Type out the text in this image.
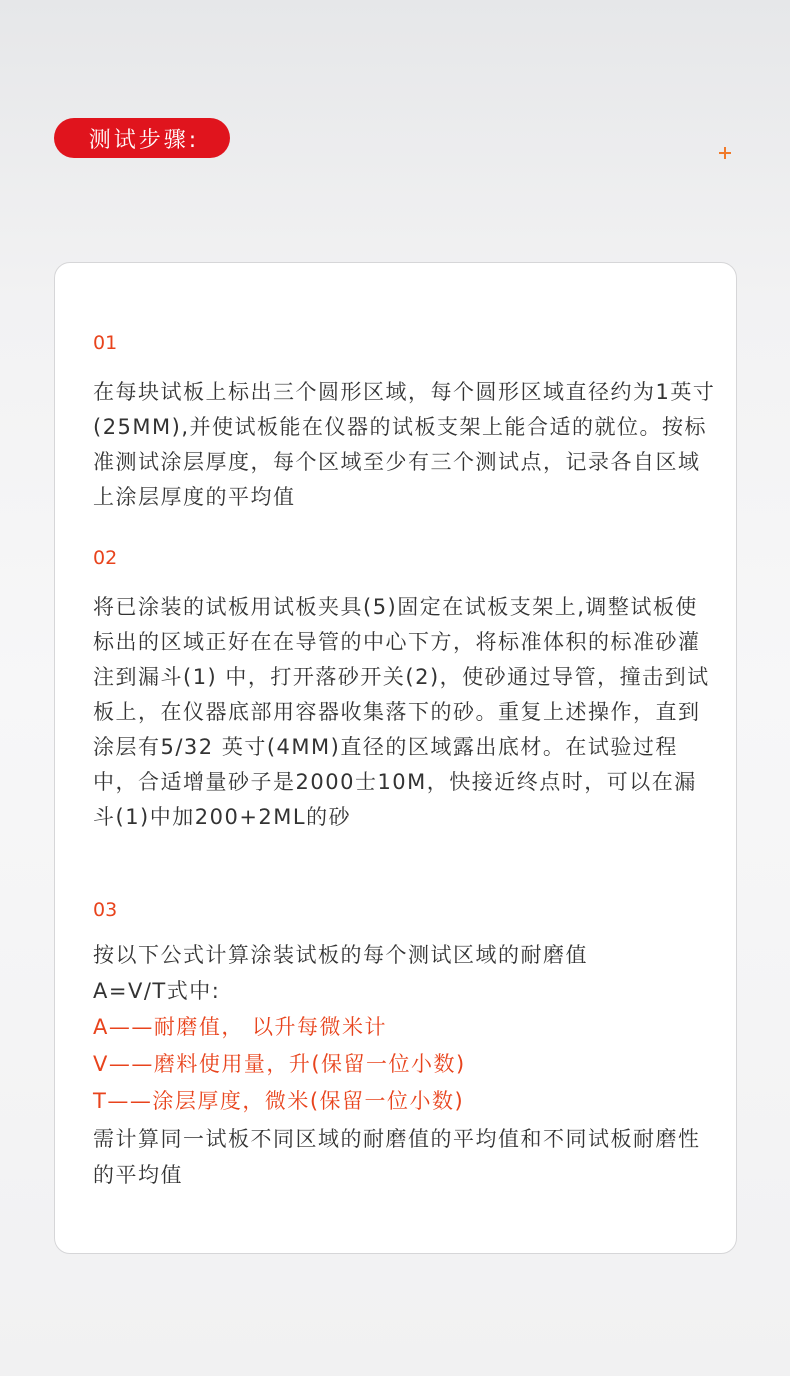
测试步骤:
01
在每块试板上标出三个圆形区域，每个圆形区域直径约为1英寸(25MM),并使试板能在仪器的试板支架上能合适的就位。按标准测试涂层厚度，每个区域至少有三个测试点，记录各自区域上涂层厚度的平均值
02
将已涂装的试板用试板夹具(5)固定在试板支架上,调整试板使标出的区域正好在在导管的中心下方，将标准体积的标准砂灌注到漏斗(1) 中，打开落砂开关(2)，使砂通过导管，撞击到试板上，在仪器底部用容器收集落下的砂。重复上述操作，直到涂层有5/32 英寸(4MM)直径的区域露出底材。在试验过程中，合适增量砂子是2000士10M，快接近终点时，可以在漏斗(1)中加200+2ML的砂
03
按以下公式计算涂装试板的每个测试区域的耐磨值
A=V/T式中:
A——耐磨值， 以升每微米计
V——磨料使用量，升(保留一位小数)
T——涂层厚度，微米(保留一位小数)
需计算同一试板不同区域的耐磨值的平均值和不同试板耐磨性的平均值
